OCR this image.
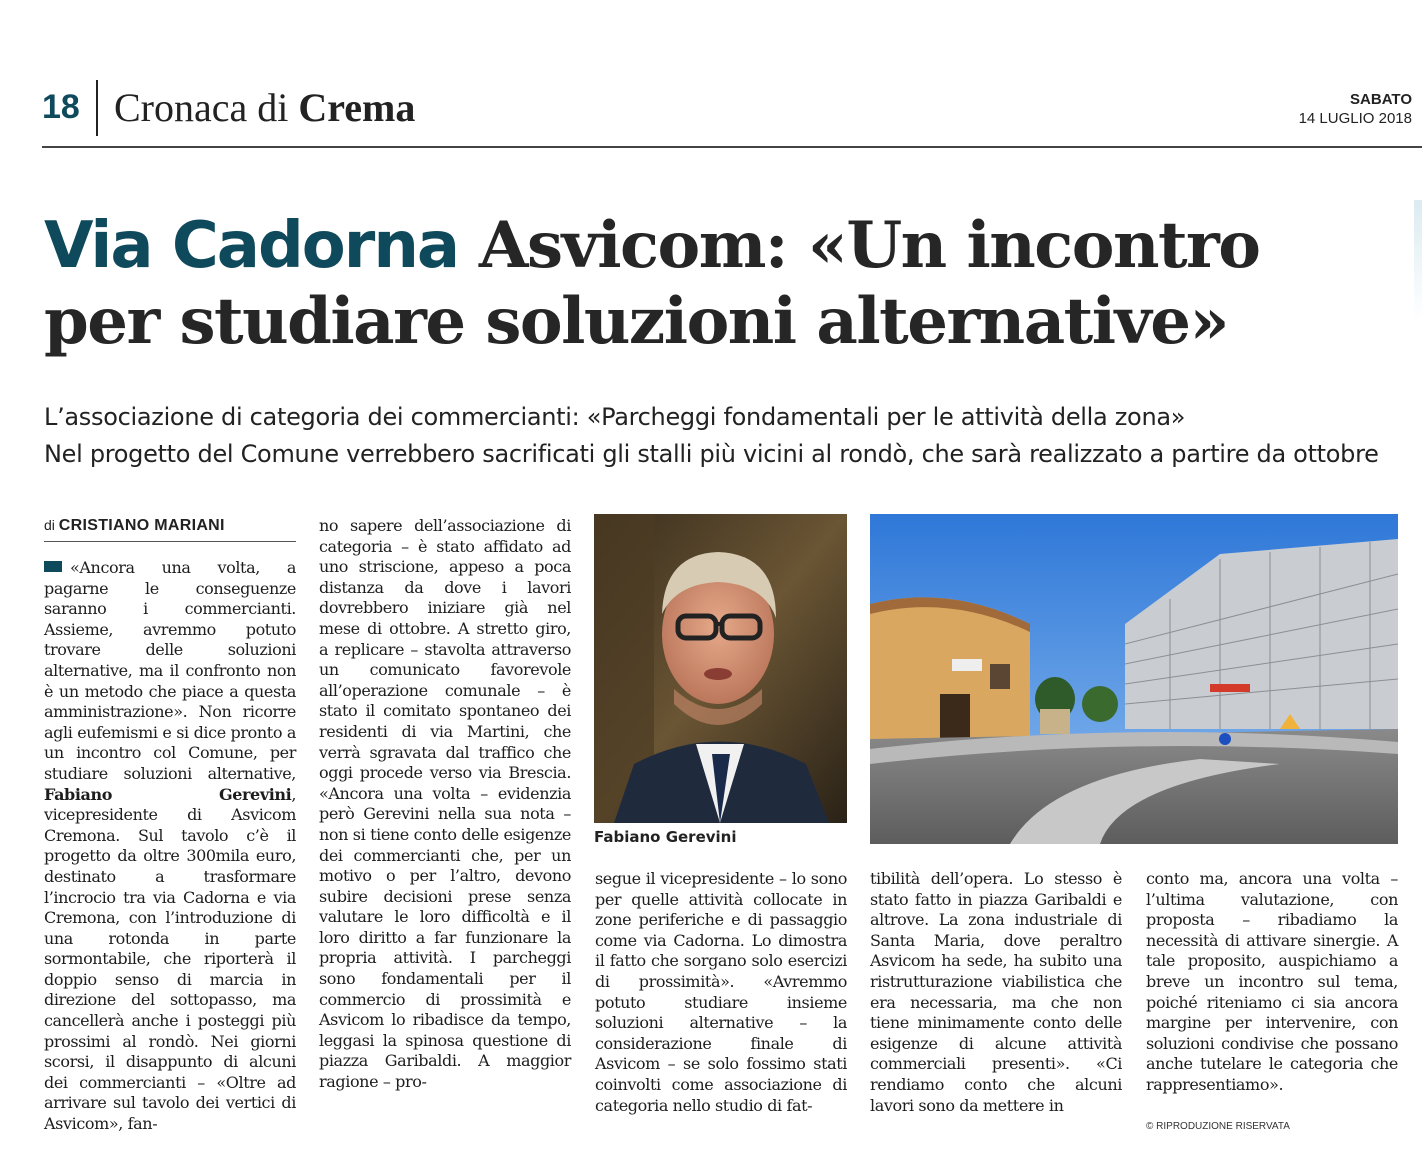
18 Cronaca di Crema	SABATO
14 LUGLIO 2018
Via Cadorna Asvicom: «Un incontro
per studiare soluzioni alternative»
L’associazione di categoria dei commercianti: «Parcheggi fondamentali per le attività della zona»
Nel progetto del Comune verrebbero sacrificati gli stalli più vicini al rondò, che sarà realizzato a partire da ottobre
di CRISTIANO MARIANI
«Ancora una volta, a pagarne le conseguenze saranno i commercianti. Assieme, avremmo potuto trovare delle soluzioni alternative, ma il confronto non è un metodo che piace a questa amministrazione». Non ricorre agli eufemismi e si dice pronto a un incontro col Comune, per studiare soluzioni alternative, Fabiano Gerevini, vicepresidente di Asvicom Cremona. Sul tavolo c’è il progetto da oltre 300mila euro, destinato a trasformare l’incrocio tra via Cadorna e via Cremona, con l’introduzione di una rotonda in parte sormontabile, che riporterà il doppio senso di marcia in direzione del sottopasso, ma cancellerà anche i posteggi più prossimi al rondò. Nei giorni scorsi, il disappunto di alcuni dei commercianti – «Oltre ad arrivare sul tavolo dei vertici di Asvicom», fan-
no sapere dell’associazione di categoria – è stato affidato ad uno striscione, appeso a poca distanza da dove i lavori dovrebbero iniziare già nel mese di ottobre. A stretto giro, a replicare – stavolta attraverso un comunicato favorevole all’operazione comunale – è stato il comitato spontaneo dei residenti di via Martini, che verrà sgravata dal traffico che oggi procede verso via Brescia. «Ancora una volta – evidenzia però Gerevini nella sua nota – non si tiene conto delle esigenze dei commercianti che, per un motivo o per l’altro, devono subire decisioni prese senza valutare le loro difficoltà e il loro diritto a far funzionare la propria attività. I parcheggi sono fondamentali per il commercio di prossimità e Asvicom lo ribadisce da tempo, leggasi la spinosa questione di piazza Garibaldi. A maggior ragione – pro-
segue il vicepresidente – lo sono per quelle attività collocate in zone periferiche e di passaggio come via Cadorna. Lo dimostra il fatto che sorgano solo esercizi di prossimità». «Avremmo potuto studiare insieme soluzioni alternative – la considerazione finale di Asvicom – se solo fossimo stati coinvolti come associazione di categoria nello studio di fat-
tibilità dell’opera. Lo stesso è stato fatto in piazza Garibaldi e altrove. La zona industriale di Santa Maria, dove peraltro Asvicom ha sede, ha subito una ristrutturazione viabilistica che era necessaria, ma che non tiene minimamente conto delle esigenze di alcune attività commerciali presenti». «Ci rendiamo conto che alcuni lavori sono da mettere in
conto ma, ancora una volta – l’ultima valutazione, con proposta – ribadiamo la necessità di attivare sinergie. A tale proposito, auspichiamo a breve un incontro sul tema, poiché riteniamo ci sia ancora margine per intervenire, con soluzioni condivise che possano anche tutelare le categoria che rappresentiamo».
© RIPRODUZIONE RISERVATA
Fabiano Gerevini
